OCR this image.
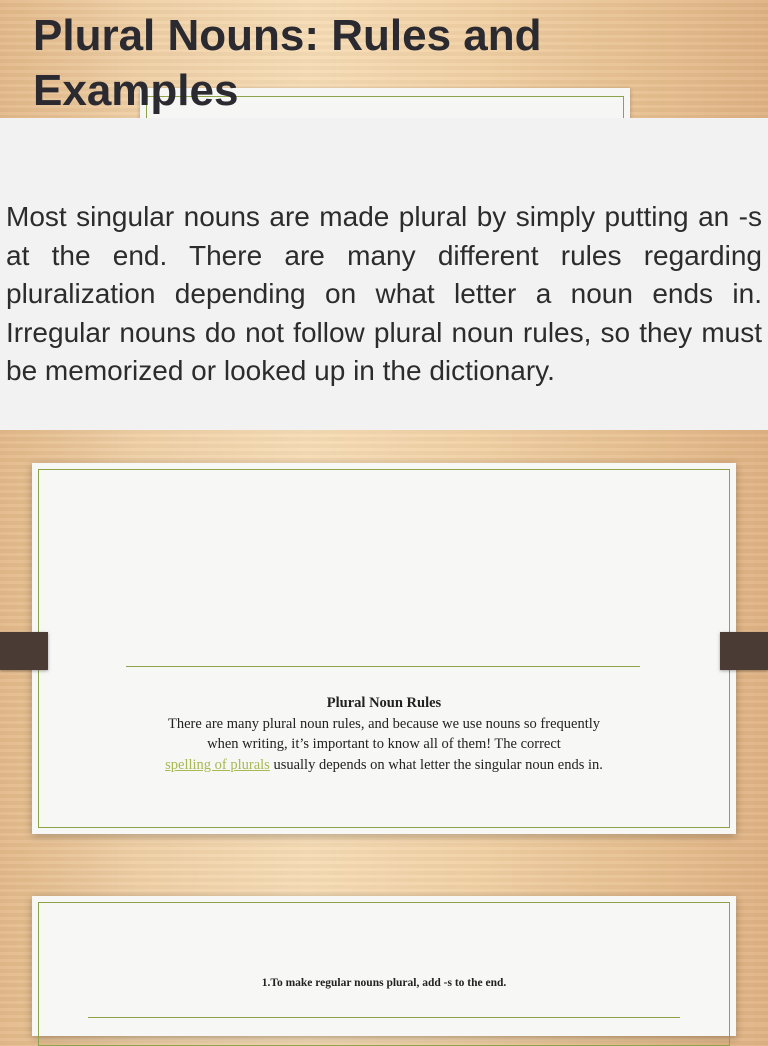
Plural Nouns: Rules and Examples

Most singular nouns are made plural by simply putting an -s at the end. There are many different rules regarding pluralization depending on what letter a noun ends in. Irregular nouns do not follow plural noun rules, so they must be memorized or looked up in the dictionary.

Plural Noun Rules
There are many plural noun rules, and because we use nouns so frequently
when writing, it’s important to know all of them! The correct
spelling of plurals usually depends on what letter the singular noun ends in.
1.To make regular nouns plural, add -s to the end.
